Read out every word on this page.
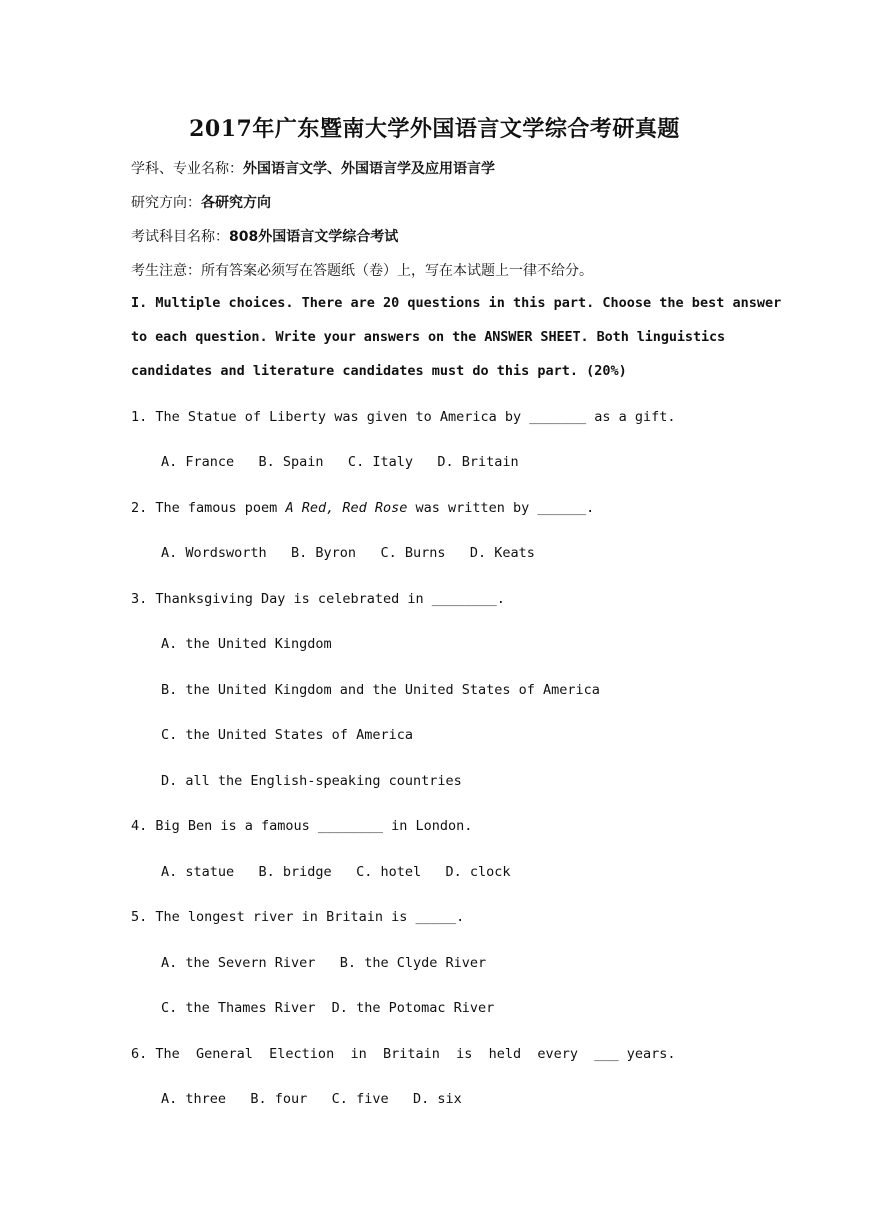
2017年广东暨南大学外国语言文学综合考研真题
学科、专业名称：外国语言文学、外国语言学及应用语言学
研究方向：各研究方向
考试科目名称：808外国语言文学综合考试
考生注意：所有答案必须写在答题纸（卷）上，写在本试题上一律不给分。
I. Multiple choices. There are 20 questions in this part. Choose the best answer
to each question. Write your answers on the ANSWER SHEET. Both linguistics
candidates and literature candidates must do this part. (20%)
1. The Statue of Liberty was given to America by _______ as a gift.
A. France   B. Spain   C. Italy   D. Britain
2. The famous poem A Red, Red Rose was written by ______.
A. Wordsworth   B. Byron   C. Burns   D. Keats
3. Thanksgiving Day is celebrated in ________.
A. the United Kingdom
B. the United Kingdom and the United States of America
C. the United States of America
D. all the English-speaking countries
4. Big Ben is a famous ________ in London.
A. statue   B. bridge   C. hotel   D. clock
5. The longest river in Britain is _____.
A. the Severn River   B. the Clyde River
C. the Thames River  D. the Potomac River
6. The  General  Election  in  Britain  is  held  every  ___ years.
A. three   B. four   C. five   D. six
